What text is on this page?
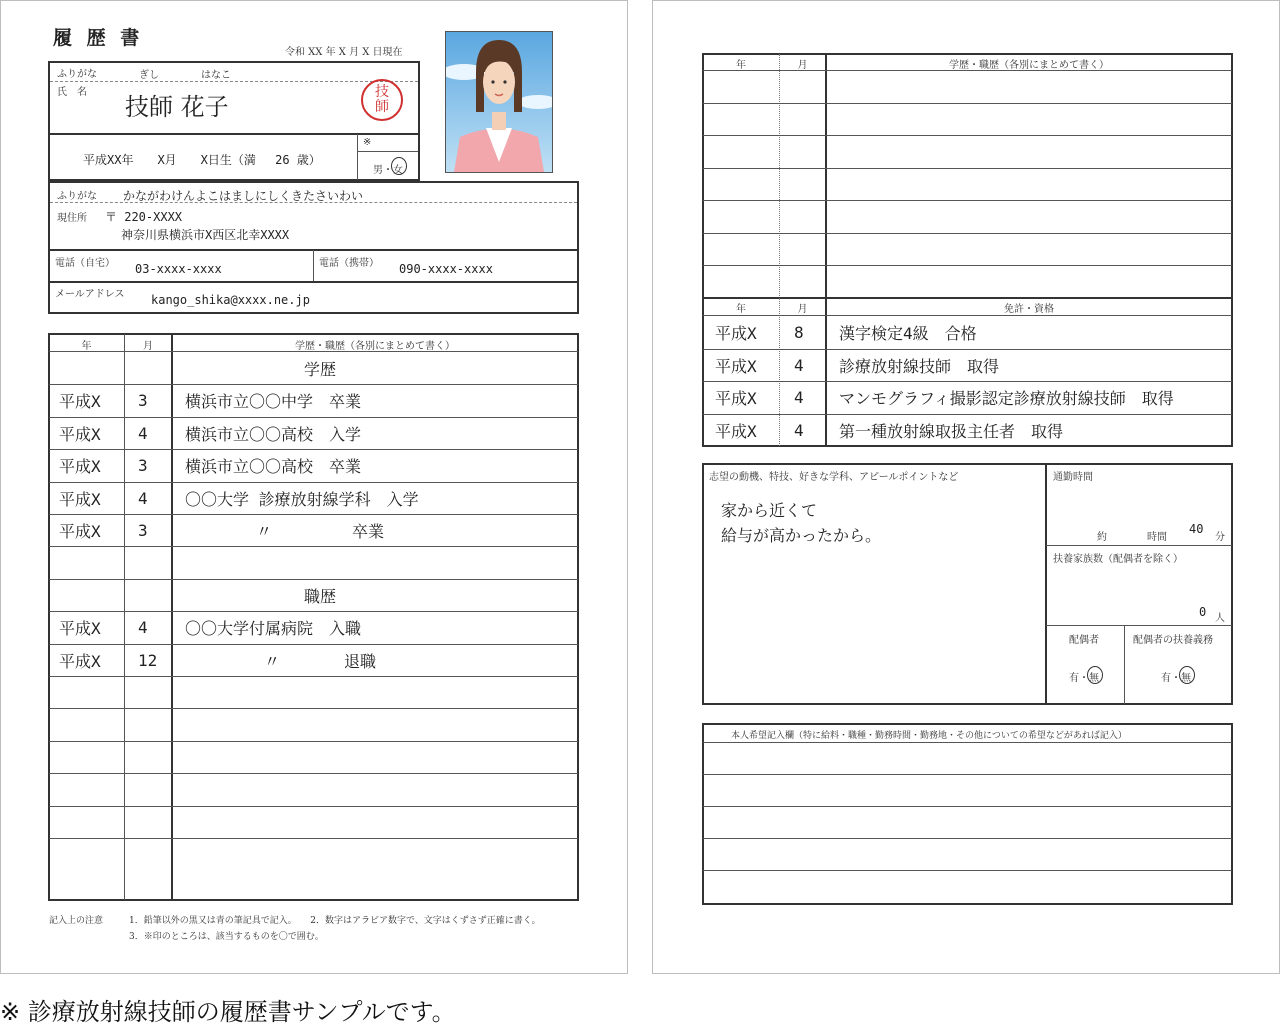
履 歴 書
令和 XX 年 X 月 X 日現在
ふりがな	ぎし	はなこ
氏　名
技師 花子
技
師
平成XX年　　X月　　X日生（満　 26 歳）
※
男・女
ふりがな かながわけんよこはましにしくきたさいわい
現住所 〒 220-XXXX
神奈川県横浜市X西区北幸XXXX
電話（自宅） 03-xxxx-xxxx	電話（携帯） 090-xxxx-xxxx
メールアドレス kango_shika@xxxx.ne.jp
年	月	学歴・職歴（各別にまとめて書く）
学歴
平成X	3	横浜市立〇〇中学　卒業
平成X	4	横浜市立〇〇高校　入学
平成X	3	横浜市立〇〇高校　卒業
平成X	4	〇〇大学 診療放射線学科　入学
平成X	3	〃　　　　　卒業
職歴
平成X	4	〇〇大学付属病院　入職
平成X	12	〃　　　　退職
記入上の注意	1．鉛筆以外の黒又は青の筆記具で記入。　　2．数字はアラビア数字で、文字はくずさず正確に書く。
3．※印のところは、該当するものを〇で囲む。
年	月	学歴・職歴（各別にまとめて書く）
年	月	免許・資格
平成X	8	漢字検定4級　合格
平成X	4	診療放射線技師　取得
平成X	4	マンモグラフィ撮影認定診療放射線技師　取得
平成X	4	第一種放射線取扱主任者　取得
志望の動機、特技、好きな学科、アピールポイントなど
家から近くて
給与が高かったから。
通勤時間
約	時間
40
分
扶養家族数（配偶者を除く）
0 人
配偶者
有・無
配偶者の扶養義務
有・無
本人希望記入欄（特に給料・職種・勤務時間・勤務地・その他についての希望などがあれば記入）
※ 診療放射線技師の履歴書サンプルです。
